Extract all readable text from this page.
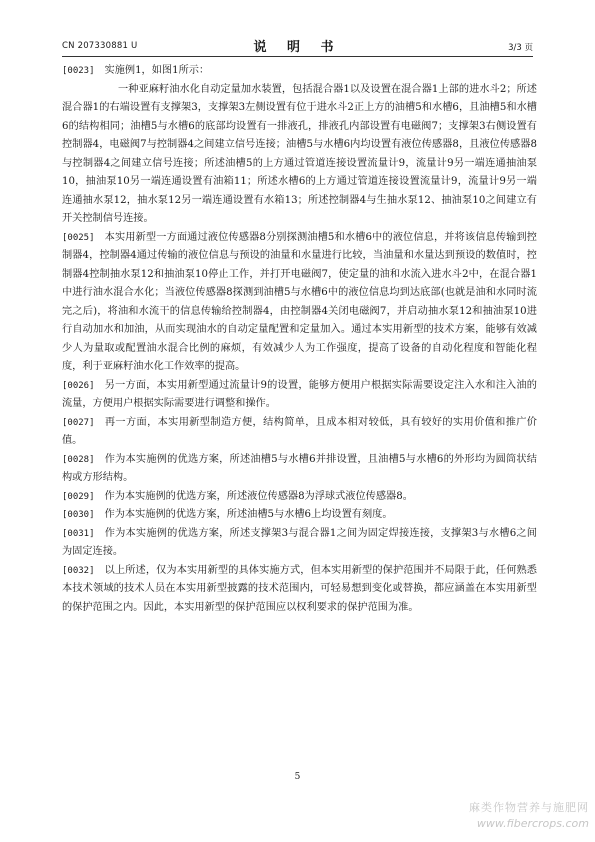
CN 207330881 U	说 明 书	3/3 页

[0023] 实施例1，如图1所示：

一种亚麻籽油水化自动定量加水装置，包括混合器1以及设置在混合器1上部的进水斗2；所述混合器1的右端设置有支撑架3，支撑架3左侧设置有位于进水斗2正上方的油槽5和水槽6，且油槽5和水槽6的结构相同；油槽5与水槽6的底部均设置有一排液孔，排液孔内部设置有电磁阀7；支撑架3右侧设置有控制器4，电磁阀7与控制器4之间建立信号连接；油槽5与水槽6内均设置有液位传感器8，且液位传感器8与控制器4之间建立信号连接；所述油槽5的上方通过管道连接设置流量计9，流量计9另一端连通抽油泵10，抽油泵10另一端连通设置有油箱11；所述水槽6的上方通过管道连接设置流量计9，流量计9另一端连通抽水泵12，抽水泵12另一端连通设置有水箱13；所述控制器4与生抽水泵12、抽油泵10之间建立有开关控制信号连接。

[0025] 本实用新型一方面通过液位传感器8分别探测油槽5和水槽6中的液位信息，并将该信息传输到控制器4，控制器4通过传输的液位信息与预设的油量和水量进行比较，当油量和水量达到预设的数值时，控制器4控制抽水泵12和抽油泵10停止工作，并打开电磁阀7，使定量的油和水流入进水斗2中，在混合器1中进行油水混合水化；当液位传感器8探测到油槽5与水槽6中的液位信息均到达底部(也就是油和水同时流完之后)，将油和水流干的信息传输给控制器4，由控制器4关闭电磁阀7，并启动抽水泵12和抽油泵10进行自动加水和加油，从而实现油水的自动定量配置和定量加入。通过本实用新型的技术方案，能够有效减少人为量取或配置油水混合比例的麻烦，有效减少人为工作强度，提高了设备的自动化程度和智能化程度，利于亚麻籽油水化工作效率的提高。

[0026] 另一方面，本实用新型通过流量计9的设置，能够方便用户根据实际需要设定注入水和注入油的流量，方便用户根据实际需要进行调整和操作。

[0027] 再一方面，本实用新型制造方便，结构简单，且成本相对较低，具有较好的实用价值和推广价值。

[0028] 作为本实施例的优选方案，所述油槽5与水槽6并排设置，且油槽5与水槽6的外形均为圆筒状结构或方形结构。

[0029] 作为本实施例的优选方案，所述液位传感器8为浮球式液位传感器8。

[0030] 作为本实施例的优选方案，所述油槽5与水槽6上均设置有刻度。

[0031] 作为本实施例的优选方案，所述支撑架3与混合器1之间为固定焊接连接，支撑架3与水槽6之间为固定连接。

[0032] 以上所述，仅为本实用新型的具体实施方式，但本实用新型的保护范围并不局限于此，任何熟悉本技术领域的技术人员在本实用新型披露的技术范围内，可轻易想到变化或替换，都应涵盖在本实用新型的保护范围之内。因此，本实用新型的保护范围应以权利要求的保护范围为准。

5
麻类作物营养与施肥网
www.fibercrops.com
